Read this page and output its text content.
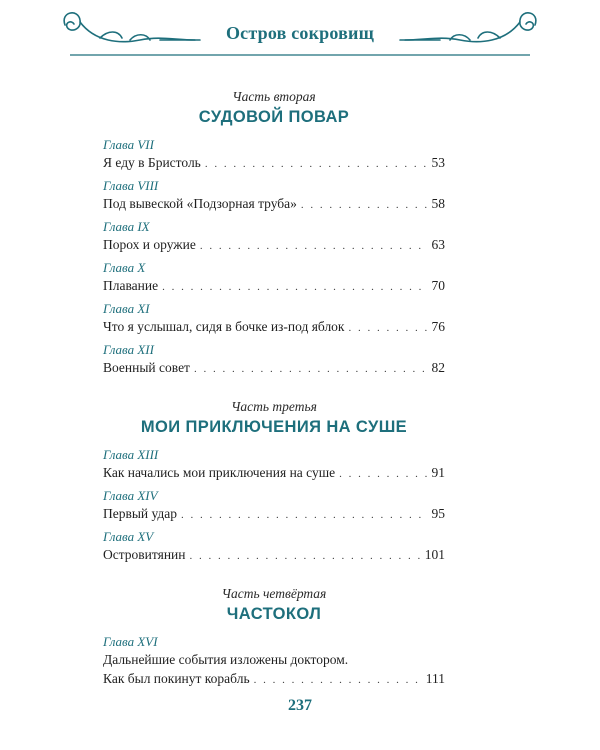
Остров сокровищ
Часть вторая
СУДОВОЙ ПОВАР
Глава VII
Я еду в Бристоль . . .	53
Глава VIII
Под вывеской «Подзорная труба» . . .	58
Глава IX
Порох и оружие . . .	63
Глава X
Плавание . . .	70
Глава XI
Что я услышал, сидя в бочке из-под яблок . . .	76
Глава XII
Военный совет . . .	82
Часть третья
МОИ ПРИКЛЮЧЕНИЯ НА СУШЕ
Глава XIII
Как начались мои приключения на суше . . .	91
Глава XIV
Первый удар . . .	95
Глава XV
Островитянин . . .	101
Часть четвёртая
ЧАСТОКОЛ
Глава XVI
Дальнейшие события изложены доктором.
Как был покинут корабль . . .	111
237
